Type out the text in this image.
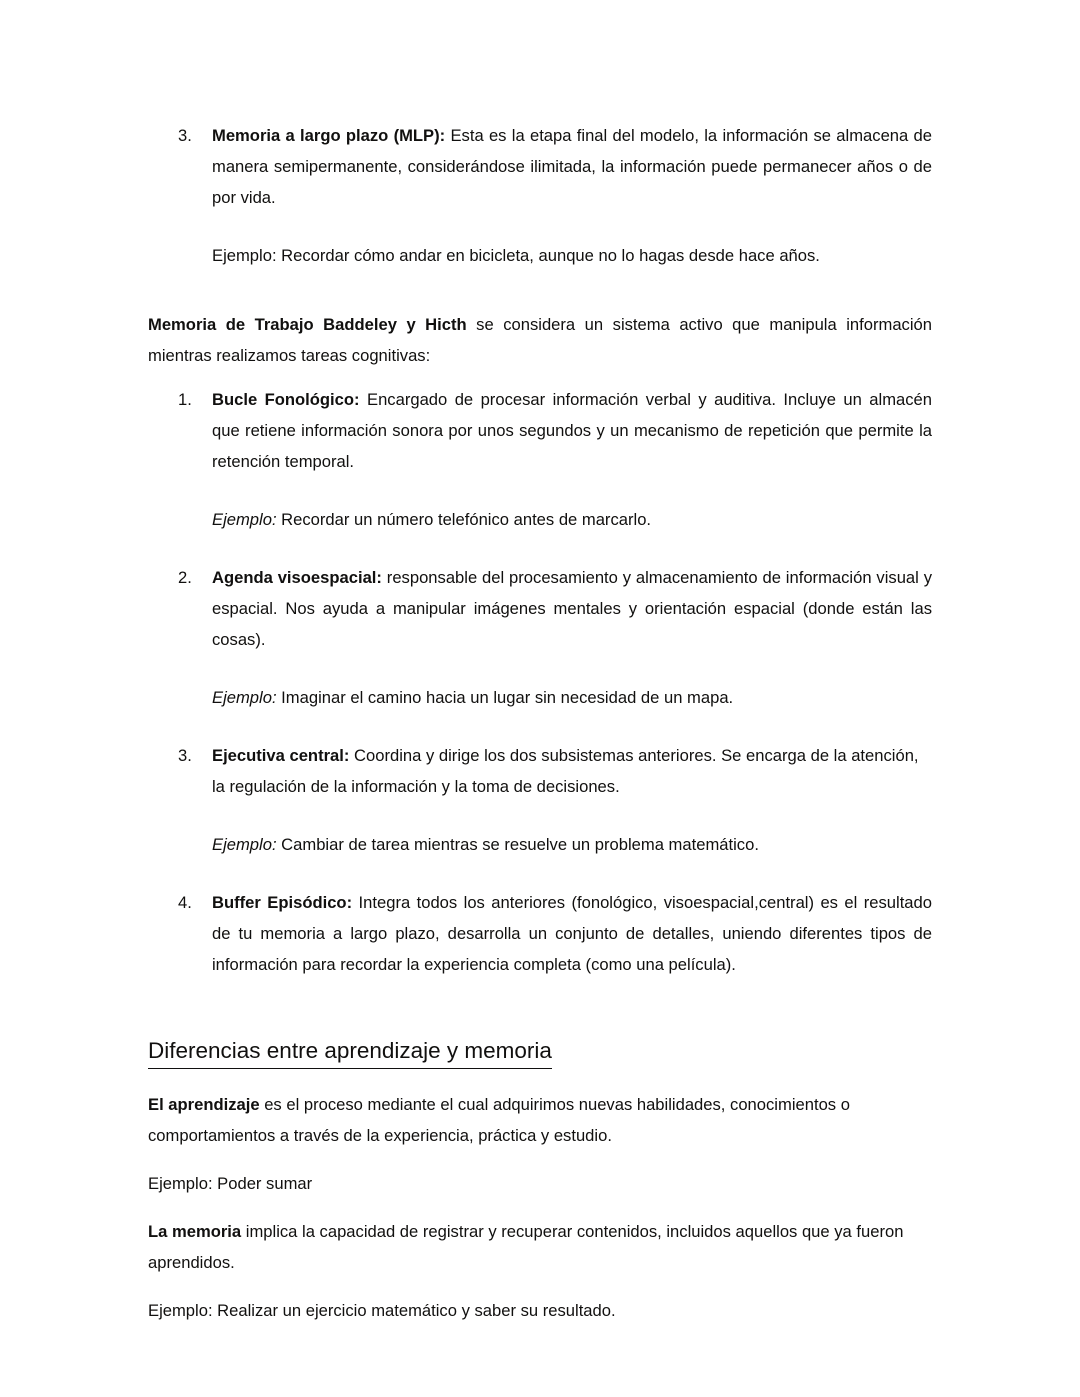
3.	Memoria a largo plazo (MLP): Esta es la etapa final del modelo, la información se almacena de manera semipermanente, considerándose ilimitada, la información puede permanecer años o de por vida.
Ejemplo: Recordar cómo andar en bicicleta, aunque no lo hagas desde hace años.

Memoria de Trabajo Baddeley y Hicth se considera un sistema activo que manipula información mientras realizamos tareas cognitivas:

1.	Bucle Fonológico: Encargado de procesar información verbal y auditiva. Incluye un almacén que retiene información sonora por unos segundos y un mecanismo de repetición que permite la retención temporal.
Ejemplo: Recordar un número telefónico antes de marcarlo.
2.	Agenda visoespacial: responsable del procesamiento y almacenamiento de información visual y espacial. Nos ayuda a manipular imágenes mentales y orientación espacial (donde están las cosas).
Ejemplo: Imaginar el camino hacia un lugar sin necesidad de un mapa.
3.	Ejecutiva central: Coordina y dirige los dos subsistemas anteriores. Se encarga de la atención, la regulación de la información y la toma de decisiones.
Ejemplo: Cambiar de tarea mientras se resuelve un problema matemático.
4.	Buffer Episódico: Integra todos los anteriores (fonológico, visoespacial,central) es el resultado de tu memoria a largo plazo, desarrolla un conjunto de detalles, uniendo diferentes tipos de información para recordar la experiencia completa (como una película).
Diferencias entre aprendizaje y memoria

El aprendizaje es el proceso mediante el cual adquirimos nuevas habilidades, conocimientos o comportamientos a través de la experiencia, práctica y estudio.

Ejemplo: Poder sumar

La memoria implica la capacidad de registrar y recuperar contenidos, incluidos aquellos que ya fueron aprendidos.

Ejemplo: Realizar un ejercicio matemático y saber su resultado.
